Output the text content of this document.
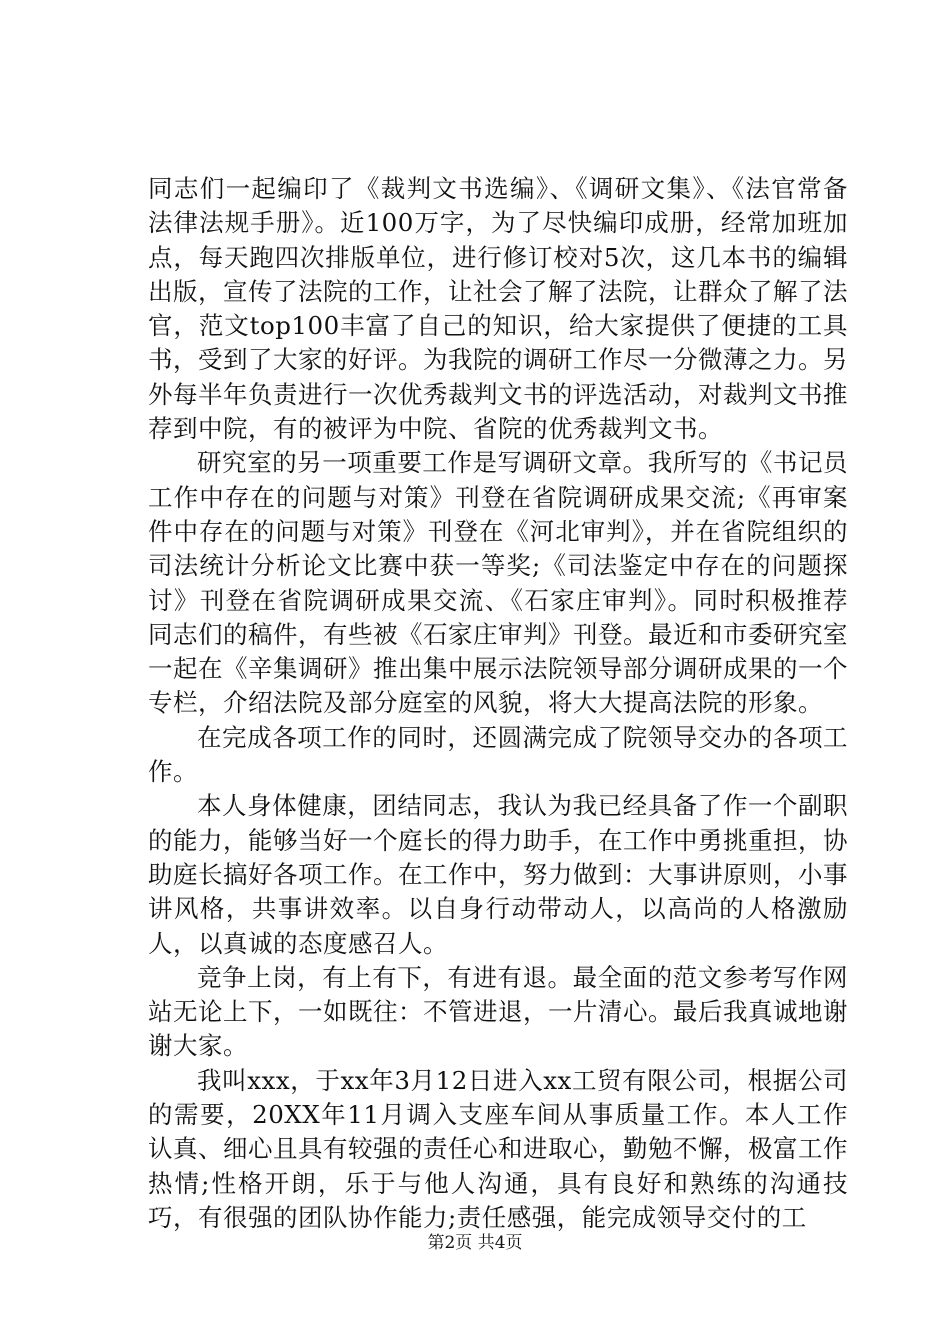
同志们一起编印了《裁判文书选编》、《调研文集》、《法官常备法律法规手册》。近100万字，为了尽快编印成册，经常加班加点，每天跑四次排版单位，进行修订校对5次，这几本书的编辑出版，宣传了法院的工作，让社会了解了法院，让群众了解了法官，范文top100丰富了自己的知识，给大家提供了便捷的工具书，受到了大家的好评。为我院的调研工作尽一分微薄之力。另外每半年负责进行一次优秀裁判文书的评选活动，对裁判文书推荐到中院，有的被评为中院、省院的优秀裁判文书。

研究室的另一项重要工作是写调研文章。我所写的《书记员工作中存在的问题与对策》刊登在省院调研成果交流;《再审案件中存在的问题与对策》刊登在《河北审判》，并在省院组织的司法统计分析论文比赛中获一等奖;《司法鉴定中存在的问题探讨》刊登在省院调研成果交流、《石家庄审判》。同时积极推荐同志们的稿件，有些被《石家庄审判》刊登。最近和市委研究室一起在《辛集调研》推出集中展示法院领导部分调研成果的一个专栏，介绍法院及部分庭室的风貌，将大大提高法院的形象。

在完成各项工作的同时，还圆满完成了院领导交办的各项工作。

本人身体健康，团结同志，我认为我已经具备了作一个副职的能力，能够当好一个庭长的得力助手，在工作中勇挑重担，协助庭长搞好各项工作。在工作中，努力做到：大事讲原则，小事讲风格，共事讲效率。以自身行动带动人，以高尚的人格激励人，以真诚的态度感召人。

竞争上岗，有上有下，有进有退。最全面的范文参考写作网站无论上下，一如既往：不管进退，一片清心。最后我真诚地谢谢大家。

我叫xxx，于xx年3月12日进入xx工贸有限公司，根据公司的需要，20XX年11月调入支座车间从事质量工作。本人工作认真、细心且具有较强的责任心和进取心，勤勉不懈，极富工作热情;性格开朗，乐于与他人沟通，具有良好和熟练的沟通技巧，有很强的团队协作能力;责任感强，能完成领导交付的工

第2页 共4页
